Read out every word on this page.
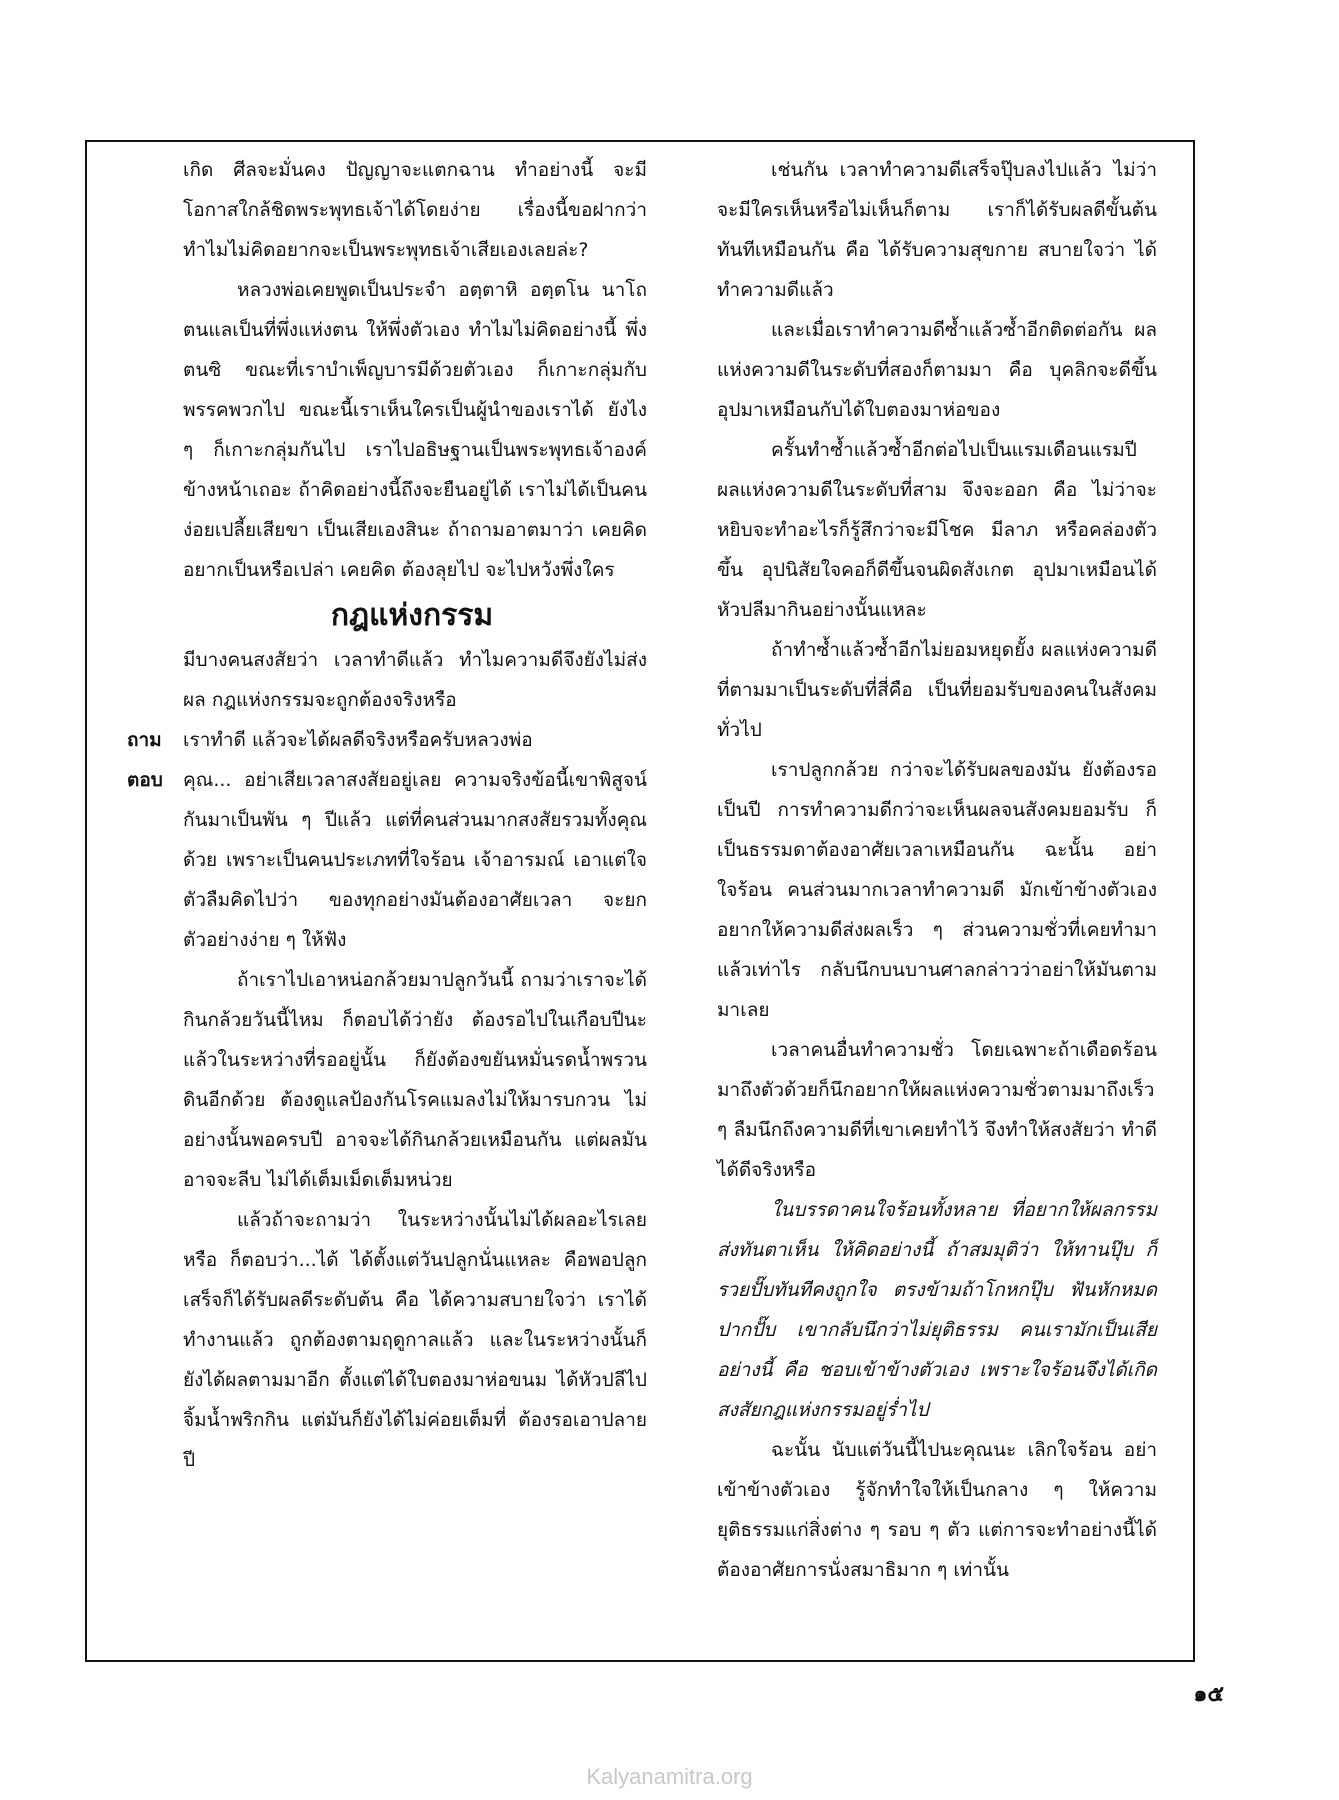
เกิด ศีลจะมั่นคง ปัญญาจะแตกฉาน ทำอย่างนี้ จะมีโอกาสใกล้ชิดพระพุทธเจ้าได้โดยง่าย เรื่องนี้ขอฝากว่า ทำไมไม่คิดอยากจะเป็นพระพุทธเจ้าเสียเองเลยล่ะ?

หลวงพ่อเคยพูดเป็นประจำ อตฺตาหิ อตฺตโน นาโถ ตนแลเป็นที่พึ่งแห่งตน ให้พึ่งตัวเอง ทำไมไม่คิดอย่างนี้ พึ่งตนซิ ขณะที่เราบำเพ็ญบารมีด้วยตัวเอง ก็เกาะกลุ่มกับพรรคพวกไป ขณะนี้เราเห็นใครเป็นผู้นำของเราได้ ยังไง ๆ ก็เกาะกลุ่มกันไป เราไปอธิษฐานเป็นพระพุทธเจ้าองค์ข้างหน้าเถอะ ถ้าคิดอย่างนี้ถึงจะยืนอยู่ได้ เราไม่ได้เป็นคนง่อยเปลี้ยเสียขา เป็นเสียเองสินะ ถ้าถามอาตมาว่า เคยคิดอยากเป็นหรือเปล่า เคยคิด ต้องลุยไป จะไปหวังพึ่งใคร

กฎแห่งกรรม

มีบางคนสงสัยว่า เวลาทำดีแล้ว ทำไมความดีจึงยังไม่ส่งผล กฎแห่งกรรมจะถูกต้องจริงหรือ

ถาม	เราทำดี แล้วจะได้ผลดีจริงหรือครับหลวงพ่อ
ตอบ	คุณ... อย่าเสียเวลาสงสัยอยู่เลย ความจริงข้อนี้เขาพิสูจน์กันมาเป็นพัน ๆ ปีแล้ว แต่ที่คนส่วนมากสงสัยรวมทั้งคุณด้วย เพราะเป็นคนประเภทที่ใจร้อน เจ้าอารมณ์ เอาแต่ใจตัวลืมคิดไปว่า ของทุกอย่างมันต้องอาศัยเวลา จะยกตัวอย่างง่าย ๆ ให้ฟัง

ถ้าเราไปเอาหน่อกล้วยมาปลูกวันนี้ ถามว่าเราจะได้กินกล้วยวันนี้ไหม ก็ตอบได้ว่ายัง ต้องรอไปในเกือบปีนะ แล้วในระหว่างที่รออยู่นั้น ก็ยังต้องขยันหมั่นรดน้ำพรวนดินอีกด้วย ต้องดูแลป้องกันโรคแมลงไม่ให้มารบกวน ไม่อย่างนั้นพอครบปี อาจจะได้กินกล้วยเหมือนกัน แต่ผลมันอาจจะลีบ ไม่ได้เต็มเม็ดเต็มหน่วย

แล้วถ้าจะถามว่า ในระหว่างนั้นไม่ได้ผลอะไรเลยหรือ ก็ตอบว่า...ได้ ได้ตั้งแต่วันปลูกนั่นแหละ คือพอปลูกเสร็จก็ได้รับผลดีระดับต้น คือ ได้ความสบายใจว่า เราได้ทำงานแล้ว ถูกต้องตามฤดูกาลแล้ว และในระหว่างนั้นก็ยังได้ผลตามมาอีก ตั้งแต่ได้ใบตองมาห่อขนม ได้หัวปลีไปจิ้มน้ำพริกกิน แต่มันก็ยังได้ไม่ค่อยเต็มที่ ต้องรอเอาปลายปี

เช่นกัน เวลาทำความดีเสร็จปุ๊บลงไปแล้ว ไม่ว่าจะมีใครเห็นหรือไม่เห็นก็ตาม เราก็ได้รับผลดีขั้นต้นทันทีเหมือนกัน คือ ได้รับความสุขกาย สบายใจว่า ได้ทำความดีแล้ว

และเมื่อเราทำความดีซ้ำแล้วซ้ำอีกติดต่อกัน ผลแห่งความดีในระดับที่สองก็ตามมา คือ บุคลิกจะดีขึ้น อุปมาเหมือนกับได้ใบตองมาห่อของ

ครั้นทำซ้ำแล้วซ้ำอีกต่อไปเป็นแรมเดือนแรมปี ผลแห่งความดีในระดับที่สาม จึงจะออก คือ ไม่ว่าจะหยิบจะทำอะไรก็รู้สึกว่าจะมีโชค มีลาภ หรือคล่องตัวขึ้น อุปนิสัยใจคอก็ดีขึ้นจนผิดสังเกต อุปมาเหมือนได้หัวปลีมากินอย่างนั้นแหละ

ถ้าทำซ้ำแล้วซ้ำอีกไม่ยอมหยุดยั้ง ผลแห่งความดีที่ตามมาเป็นระดับที่สี่คือ เป็นที่ยอมรับของคนในสังคมทั่วไป

เราปลูกกล้วย กว่าจะได้รับผลของมัน ยังต้องรอเป็นปี การทำความดีกว่าจะเห็นผลจนสังคมยอมรับ ก็เป็นธรรมดาต้องอาศัยเวลาเหมือนกัน ฉะนั้น อย่าใจร้อน คนส่วนมากเวลาทำความดี มักเข้าข้างตัวเอง อยากให้ความดีส่งผลเร็ว ๆ ส่วนความชั่วที่เคยทำมาแล้วเท่าไร กลับนึกบนบานศาลกล่าวว่าอย่าให้มันตามมาเลย

เวลาคนอื่นทำความชั่ว โดยเฉพาะถ้าเดือดร้อนมาถึงตัวด้วยก็นึกอยากให้ผลแห่งความชั่วตามมาถึงเร็ว ๆ ลืมนึกถึงความดีที่เขาเคยทำไว้ จึงทำให้สงสัยว่า ทำดีได้ดีจริงหรือ

ในบรรดาคนใจร้อนทั้งหลาย ที่อยากให้ผลกรรมส่งทันตาเห็น ให้คิดอย่างนี้ ถ้าสมมุติว่า ให้ทานปุ๊บ ก็รวยปั๊บทันทีคงถูกใจ ตรงข้ามถ้าโกหกปุ๊บ ฟันหักหมดปากปั๊บ เขากลับนึกว่าไม่ยุติธรรม คนเรามักเป็นเสียอย่างนี้ คือ ชอบเข้าข้างตัวเอง เพราะใจร้อนจึงได้เกิดสงสัยกฎแห่งกรรมอยู่ร่ำไป

ฉะนั้น นับแต่วันนี้ไปนะคุณนะ เลิกใจร้อน อย่าเข้าข้างตัวเอง รู้จักทำใจให้เป็นกลาง ๆ ให้ความยุติธรรมแก่สิ่งต่าง ๆ รอบ ๆ ตัว แต่การจะทำอย่างนี้ได้ ต้องอาศัยการนั่งสมาธิมาก ๆ เท่านั้น

๑๕
Kalyanamitra.org
